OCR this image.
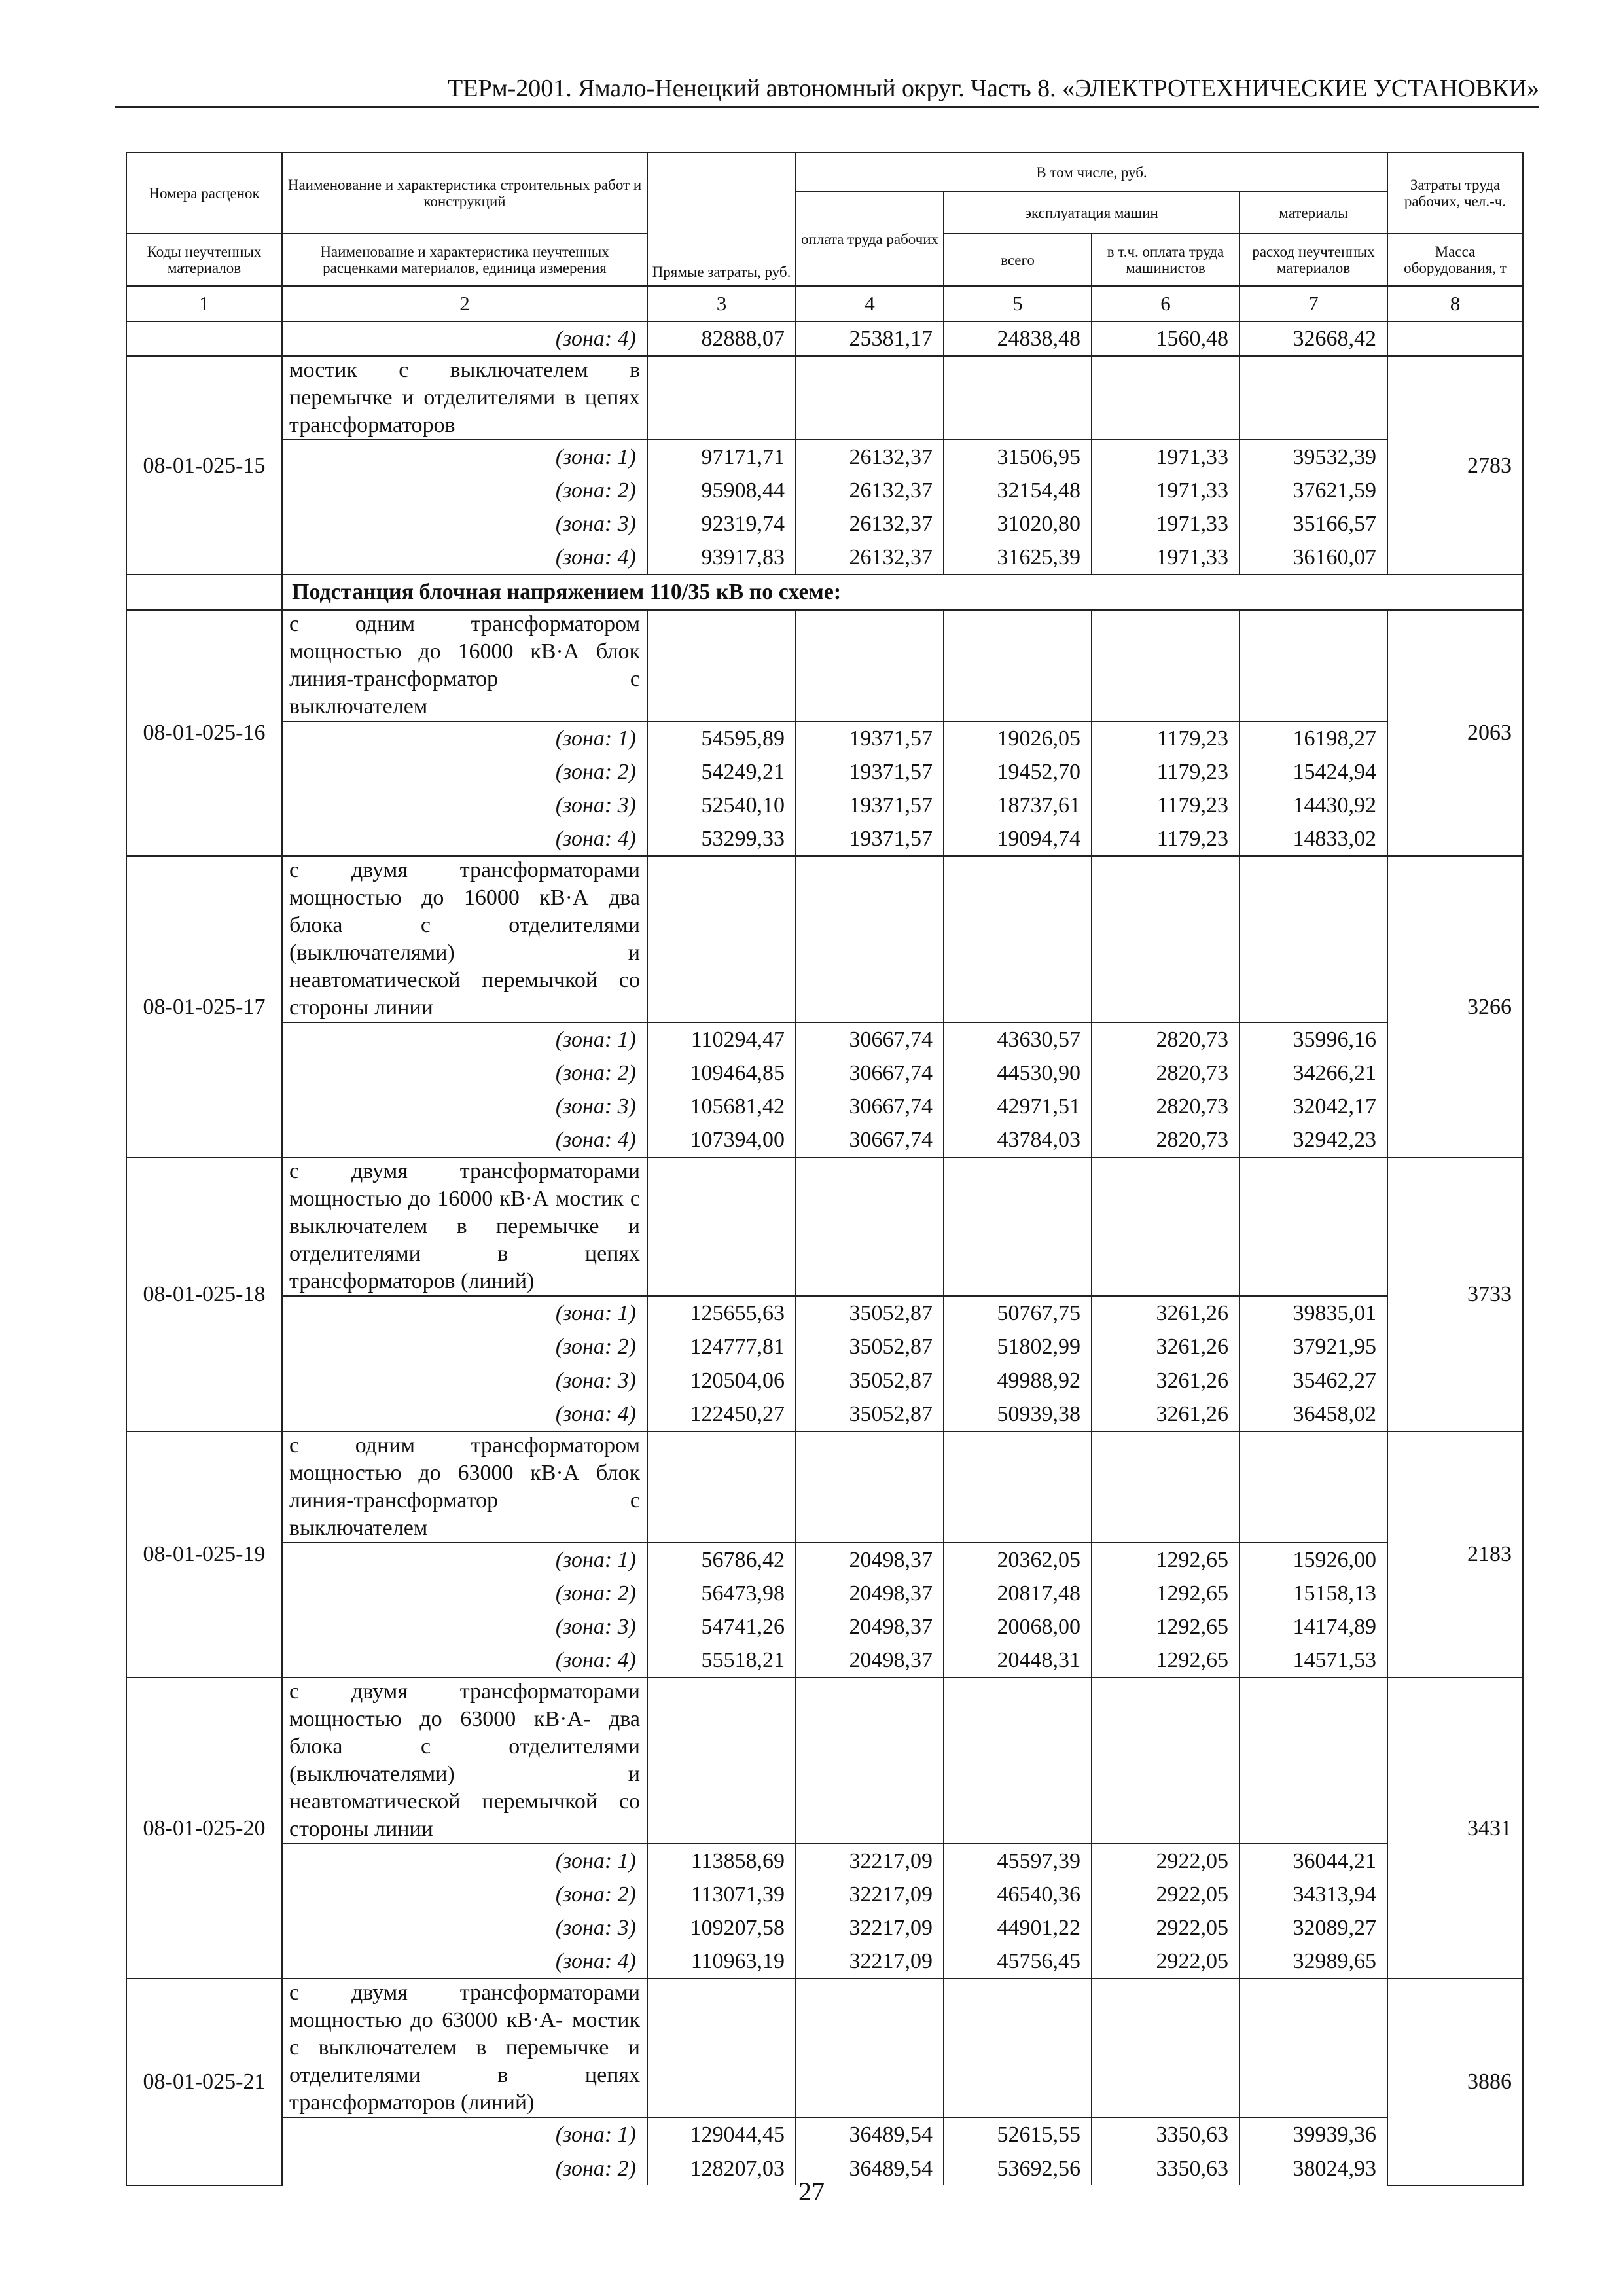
ТЕРм-2001. Ямало-Ненецкий автономный округ. Часть 8. «ЭЛЕКТРОТЕХНИЧЕСКИЕ УСТАНОВКИ»
Номера расценок	Наименование и характеристика строительных работ и конструкций	Прямые затраты, руб.	В том числе, руб.				Затраты труда рабочих, чел.-ч.
			оплата труда рабочих	эксплуатация машин		материалы	
Коды неучтенных материалов	Наименование и характеристика неучтенных расценками материалов, единица измерения			всего	в т.ч. оплата труда машинистов	расход неучтенных материалов	Масса оборудования, т
1	2	3	4	5	6	7	8
	(зона: 4)	82888,07	25381,17	24838,48	1560,48	32668,42	
08-01-025-15	мостик с выключателем в перемычке и отделителями в цепях трансформаторов						2783
	(зона: 1)	97171,71	26132,37	31506,95	1971,33	39532,39	
	(зона: 2)	95908,44	26132,37	32154,48	1971,33	37621,59	
	(зона: 3)	92319,74	26132,37	31020,80	1971,33	35166,57	
	(зона: 4)	93917,83	26132,37	31625,39	1971,33	36160,07	
	Подстанция блочная напряжением 110/35 кВ по схеме:						
08-01-025-16	с одним трансформатором мощностью до 16000 кВ·А блок линия-трансформатор с выключателем						2063
	(зона: 1)	54595,89	19371,57	19026,05	1179,23	16198,27	
	(зона: 2)	54249,21	19371,57	19452,70	1179,23	15424,94	
	(зона: 3)	52540,10	19371,57	18737,61	1179,23	14430,92	
	(зона: 4)	53299,33	19371,57	19094,74	1179,23	14833,02	
08-01-025-17	с двумя трансформаторами мощностью до 16000 кВ·А два блока с отделителями (выключателями) и неавтоматической перемычкой со стороны линии						3266
	(зона: 1)	110294,47	30667,74	43630,57	2820,73	35996,16	
	(зона: 2)	109464,85	30667,74	44530,90	2820,73	34266,21	
	(зона: 3)	105681,42	30667,74	42971,51	2820,73	32042,17	
	(зона: 4)	107394,00	30667,74	43784,03	2820,73	32942,23	
08-01-025-18	с двумя трансформаторами мощностью до 16000 кВ·А мостик с выключателем в перемычке и отделителями в цепях трансформаторов (линий)						3733
	(зона: 1)	125655,63	35052,87	50767,75	3261,26	39835,01	
	(зона: 2)	124777,81	35052,87	51802,99	3261,26	37921,95	
	(зона: 3)	120504,06	35052,87	49988,92	3261,26	35462,27	
	(зона: 4)	122450,27	35052,87	50939,38	3261,26	36458,02	
08-01-025-19	с одним трансформатором мощностью до 63000 кВ·А блок линия-трансформатор с выключателем						2183
	(зона: 1)	56786,42	20498,37	20362,05	1292,65	15926,00	
	(зона: 2)	56473,98	20498,37	20817,48	1292,65	15158,13	
	(зона: 3)	54741,26	20498,37	20068,00	1292,65	14174,89	
	(зона: 4)	55518,21	20498,37	20448,31	1292,65	14571,53	
08-01-025-20	с двумя трансформаторами мощностью до 63000 кВ·А- два блока с отделителями (выключателями) и неавтоматической перемычкой со стороны линии						3431
	(зона: 1)	113858,69	32217,09	45597,39	2922,05	36044,21	
	(зона: 2)	113071,39	32217,09	46540,36	2922,05	34313,94	
	(зона: 3)	109207,58	32217,09	44901,22	2922,05	32089,27	
	(зона: 4)	110963,19	32217,09	45756,45	2922,05	32989,65	
08-01-025-21	с двумя трансформаторами мощностью до 63000 кВ·А- мостик с выключателем в перемычке и отделителями в цепях трансформаторов (линий)						3886
	(зона: 1)	129044,45	36489,54	52615,55	3350,63	39939,36	
	(зона: 2)	128207,03	36489,54	53692,56	3350,63	38024,93	
27
